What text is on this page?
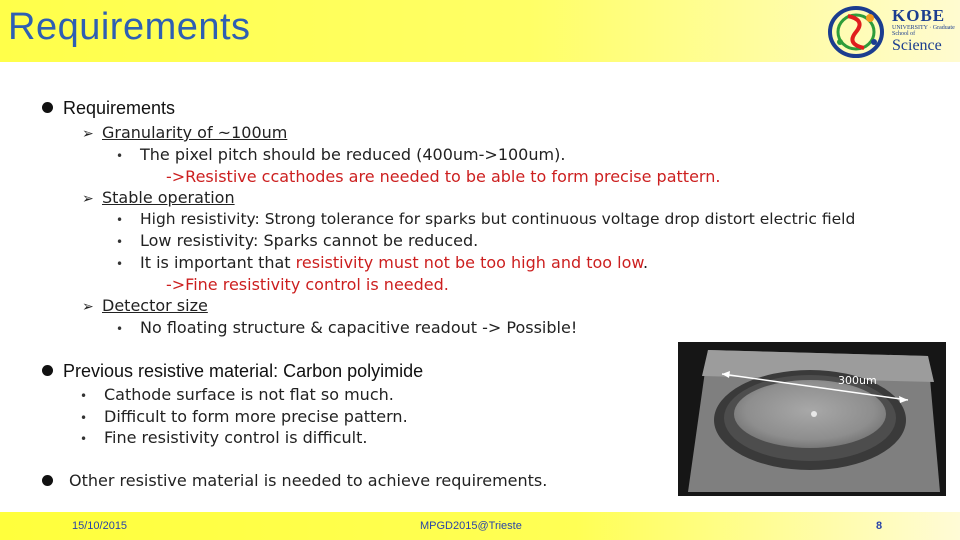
Requirements	KOBE
UNIVERSITY · Graduate School of
Science
Requirements
➢ Granularity of ~100um
• The pixel pitch should be reduced (400um->100um).
->Resistive ccathodes are needed to be able to form precise pattern.
➢ Stable operation
• High resistivity: Strong tolerance for sparks but continuous voltage drop distort electric field
• Low resistivity: Sparks cannot be reduced.
• It is important that resistivity must not be too high and too low.
->Fine resistivity control is needed.
➢ Detector size
• No floating structure & capacitive readout -> Possible!
Previous resistive material: Carbon polyimide
• Cathode surface is not flat so much.
• Difficult to form more precise pattern.
• Fine resistivity control is difficult.
Other resistive material is needed to achieve requirements.
300um
15/10/2015	MPGD2015@Trieste	8
